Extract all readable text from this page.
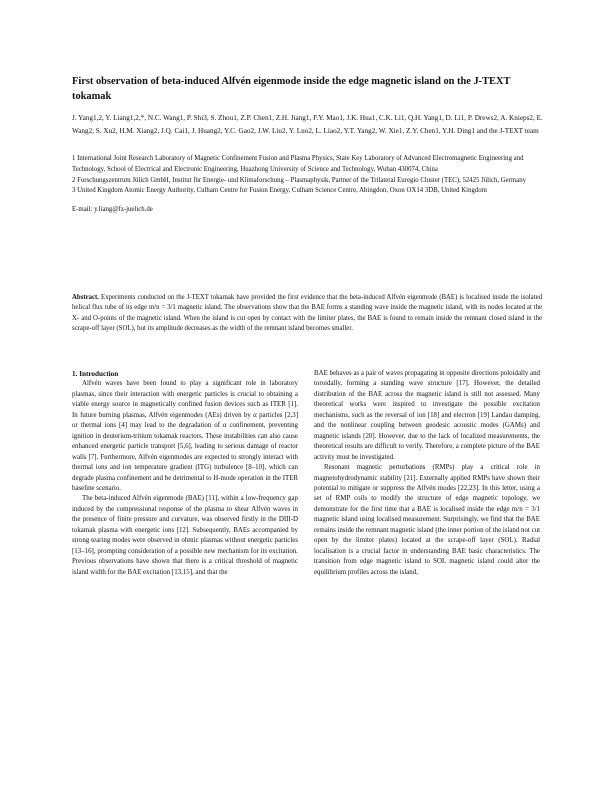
First observation of beta-induced Alfvén eigenmode inside the edge magnetic island on the J-TEXT tokamak
J. Yang1,2, Y. Liang1,2,*, N.C. Wang1, P. Shi3, S. Zhou1, Z.P. Chen1, Z.H. Jiang1, F.Y. Mao1, J.K. Hua1, C.K. Li1, Q.H. Yang1, D. Li1, P. Drews2, A. Knieps2, E. Wang2, S. Xu2, H.M. Xiang2, J.Q. Cai1, J. Huang2, Y.C. Gao2, J.W. Liu2, Y. Luo2, L. Liao2, Y.T. Yang2, W. Xie1, Z.Y. Chen1, Y.H. Ding1 and the J-TEXT team

1 International Joint Research Laboratory of Magnetic Confinement Fusion and Plasma Physics, State Key Laboratory of Advanced Electromagnetic Engineering and Technology, School of Electrical and Electronic Engineering, Huazhong University of Science and Technology, Wuhan 430074, China

2 Forschungszentrum Jülich GmbH, Institut für Energie- und Klimaforschung – Plasmaphysik, Partner of the Trilateral Euregio Cluster (TEC), 52425 Jülich, Germany

3 United Kingdom Atomic Energy Authority, Culham Centre for Fusion Energy, Culham Science Centre, Abingdon, Oxon OX14 3DB, United Kingdom

E-mail: y.liang@fz-juelich.de

Abstract. Experiments conducted on the J-TEXT tokamak have provided the first evidence that the beta-induced Alfvén eigenmode (BAE) is localised inside the isolated helical flux tube of its edge m/n = 3/1 magnetic island. The observations show that the BAE forms a standing wave inside the magnetic island, with its nodes located at the X- and O-points of the magnetic island. When the island is cut open by contact with the limiter plates, the BAE is found to remain inside the remnant closed island in the scrape-off layer (SOL), but its amplitude decreases as the width of the remnant island becomes smaller.

1. Introduction

Alfvén waves have been found to play a significant role in laboratory plasmas, since their interaction with energetic particles is crucial to obtaining a viable energy source in magnetically confined fusion devices such as ITER [1]. In future burning plasmas, Alfvén eigenmodes (AEs) driven by α particles [2,3] or thermal ions [4] may lead to the degradation of α confinement, preventing ignition in deuterium-tritium tokamak reactors. These instabilities can also cause enhanced energetic particle transport [5,6], leading to serious damage of reactor walls [7]. Furthermore, Alfvén eigenmodes are expected to strongly interact with thermal ions and ion temperature gradient (ITG) turbulence [8–10], which can degrade plasma confinement and be detrimental to H-mode operation in the ITER baseline scenario.

The beta-induced Alfvén eigenmode (BAE) [11], within a low-frequency gap induced by the compressional response of the plasma to shear Alfvén waves in the presence of finite pressure and curvature, was observed firstly in the DIII-D tokamak plasma with energetic ions [12]. Subsequently, BAEs accompanied by strong tearing modes were observed in ohmic plasmas without energetic particles [13–16], prompting consideration of a possible new mechanism for its excitation. Previous observations have shown that there is a critical threshold of magnetic island width for the BAE excitation [13,15], and that the

BAE behaves as a pair of waves propagating in opposite directions poloidally and toroidally, forming a standing wave structure [17]. However, the detailed distribution of the BAE across the magnetic island is still not assessed. Many theoretical works were inspired to investigate the possible excitation mechanisms, such as the reversal of ion [18] and electron [19] Landau damping, and the nonlinear coupling between geodesic acoustic modes (GAMs) and magnetic islands [20]. However, due to the lack of localized measurements, the theoretical results are difficult to verify. Therefore, a complete picture of the BAE activity must be investigated.

Resonant magnetic perturbations (RMPs) play a critical role in magnetohydrodynamic stability [21]. Externally applied RMPs have shown their potential to mitigate or suppress the Alfvén modes [22,23]. In this letter, using a set of RMP coils to modify the structure of edge magnetic topology, we demonstrate for the first time that a BAE is localised inside the edge m/n = 3/1 magnetic island using localised measurement. Surprisingly, we find that the BAE remains inside the remnant magnetic island (the inner portion of the island not cut open by the limiter plates) located at the scrape-off layer (SOL). Radial localisation is a crucial factor in understanding BAE basic characteristics. The transition from edge magnetic island to SOL magnetic island could alter the equilibrium profiles across the island,
